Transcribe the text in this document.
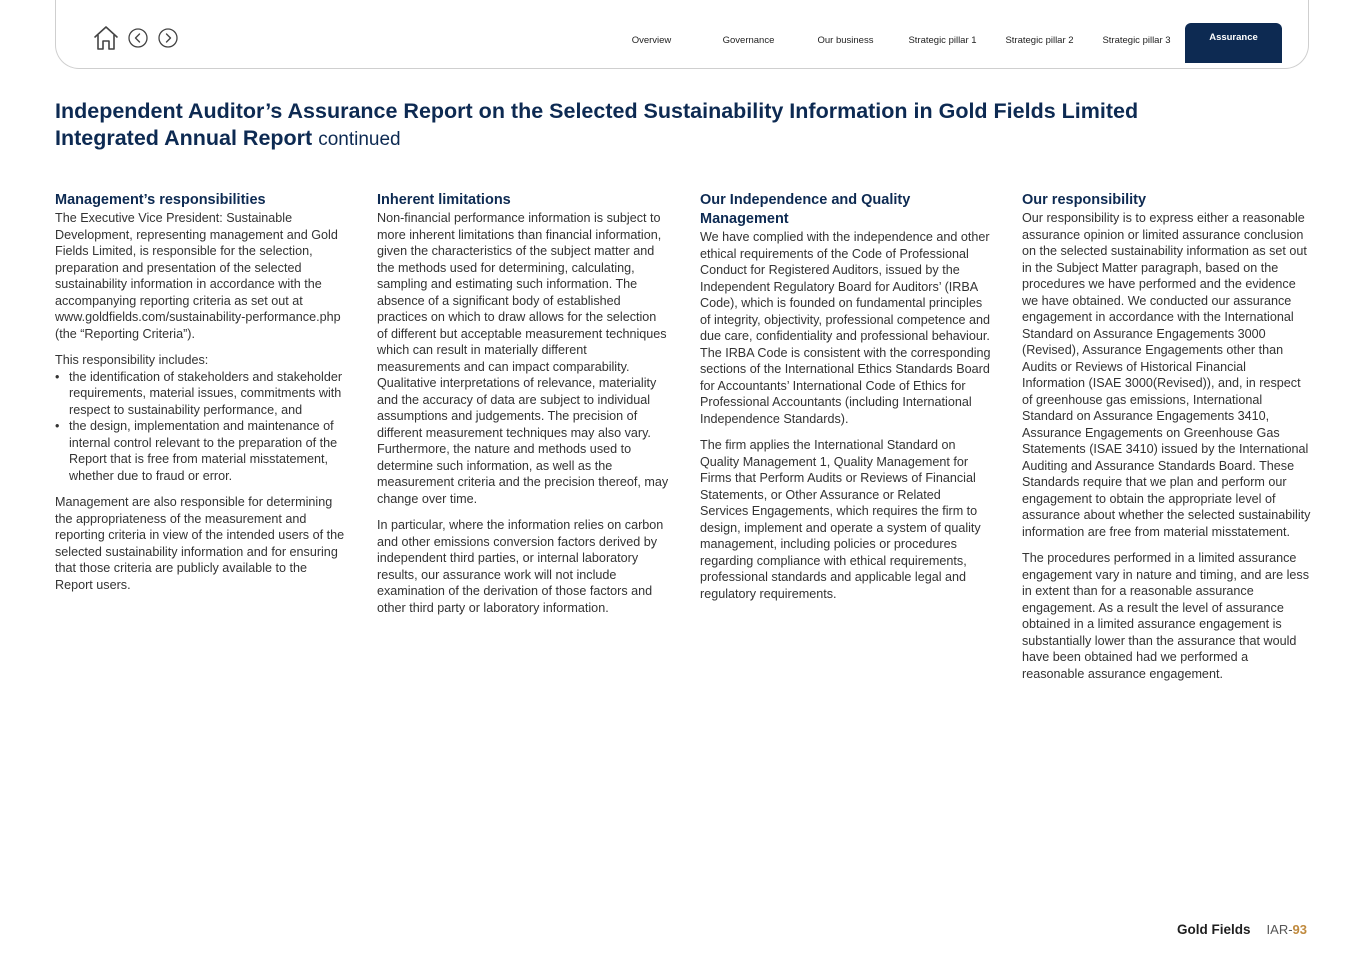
Overview	Governance	Our business	Strategic pillar 1	Strategic pillar 2	Strategic pillar 3	Assurance
Independent Auditor’s Assurance Report on the Selected Sustainability Information in Gold Fields Limited Integrated Annual Report continued
Management’s responsibilities

The Executive Vice President: Sustainable Development, representing management and Gold Fields Limited, is responsible for the selection, preparation and presentation of the selected sustainability information in accordance with the accompanying reporting criteria as set out at www.goldfields.com/sustainability-performance.php (the “Reporting Criteria”).

This responsibility includes:

• the identification of stakeholders and stakeholder requirements, material issues, commitments with respect to sustainability performance, and
• the design, implementation and maintenance of internal control relevant to the preparation of the Report that is free from material misstatement, whether due to fraud or error.

Management are also responsible for determining the appropriateness of the measurement and reporting criteria in view of the intended users of the selected sustainability information and for ensuring that those criteria are publicly available to the Report users.

Inherent limitations

Non-financial performance information is subject to more inherent limitations than financial information, given the characteristics of the subject matter and the methods used for determining, calculating, sampling and estimating such information. The absence of a significant body of established practices on which to draw allows for the selection of different but acceptable measurement techniques which can result in materially different measurements and can impact comparability. Qualitative interpretations of relevance, materiality and the accuracy of data are subject to individual assumptions and judgements. The precision of different measurement techniques may also vary. Furthermore, the nature and methods used to determine such information, as well as the measurement criteria and the precision thereof, may change over time.

In particular, where the information relies on carbon and other emissions conversion factors derived by independent third parties, or internal laboratory results, our assurance work will not include examination of the derivation of those factors and other third party or laboratory information.

Our Independence and Quality Management

We have complied with the independence and other ethical requirements of the Code of Professional Conduct for Registered Auditors, issued by the Independent Regulatory Board for Auditors’ (IRBA Code), which is founded on fundamental principles of integrity, objectivity, professional competence and due care, confidentiality and professional behaviour. The IRBA Code is consistent with the corresponding sections of the International Ethics Standards Board for Accountants’ International Code of Ethics for Professional Accountants (including International Independence Standards).

The firm applies the International Standard on Quality Management 1, Quality Management for Firms that Perform Audits or Reviews of Financial Statements, or Other Assurance or Related Services Engagements, which requires the firm to design, implement and operate a system of quality management, including policies or procedures regarding compliance with ethical requirements, professional standards and applicable legal and regulatory requirements.

Our responsibility

Our responsibility is to express either a reasonable assurance opinion or limited assurance conclusion on the selected sustainability information as set out in the Subject Matter paragraph, based on the procedures we have performed and the evidence we have obtained. We conducted our assurance engagement in accordance with the International Standard on Assurance Engagements 3000 (Revised), Assurance Engagements other than Audits or Reviews of Historical Financial Information (ISAE 3000(Revised)), and, in respect of greenhouse gas emissions, International Standard on Assurance Engagements 3410, Assurance Engagements on Greenhouse Gas Statements (ISAE 3410) issued by the International Auditing and Assurance Standards Board. These Standards require that we plan and perform our engagement to obtain the appropriate level of assurance about whether the selected sustainability information are free from material misstatement.

The procedures performed in a limited assurance engagement vary in nature and timing, and are less in extent than for a reasonable assurance engagement. As a result the level of assurance obtained in a limited assurance engagement is substantially lower than the assurance that would have been obtained had we performed a reasonable assurance engagement.

Gold Fields IAR- 93
